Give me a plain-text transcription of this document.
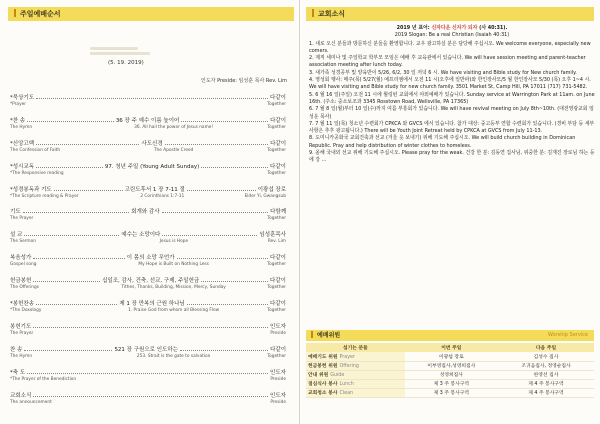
주일예배순서
(5. 19. 2019)
인도자 Preside: 임성훈 목사 Rev. Lim
*묵상기도	다같이
*Prayer	Together
*찬 송	36 장 주 예수 이름 높이어	다같이
The Hymn	36. All hail the power of Jesus name!	Together
*신앙고백	사도신경	다같이
The Confession of Faith	The Apostle Creed	Together
*성시교독	97. 청년 주일 (Young Adult Sunday)	다같이
*The Responsive reading	Together
*성경봉독과 기도	고린도후서 1 장 7-11 절	이광섭 장로
*The Scripture reading & Prayer	2 Corinthians 1:7-11	Elder Yi, Gwangsub
기도	회개와 감사	다함께
The Prayer	Together
설 교	예수는 소망이다	임성훈목사
The Sermon	Jesus is Hope	Rev. Lim
복음성가	이 몸의 소망 무언가	다같이
Gospel song	My Hope is Built on Nothing Less	Together
헌금봉헌	십일조, 감사, 건축, 선교, 구제, 주일헌금	다같이
The Offerings	Tithes, Thanks, Building, Mission, Mercy, Sunday	Together
*봉헌찬송	제 1 장 만복의 근원 하나님	다같이
*The Doxology	1. Praise God from whom all Blessing Flow	Together
봉헌기도	인도자
The Prayer	Preside
찬 송	521 장 구원으로 인도하는	다같이
The Hymn	253. Strait is the gate to salvation	Together
*축 도	인도자
*The Prayer of the Benediction	Preside
교회소식	인도자
The announcement	Preside
교회소식
2019 년 표어: 신자다운 신자가 되자 (사 40:31).
2019 Slogan: Be a real Christian (Isaiah 40:31)
1. 새로 오신 분들과 방문하신 분들을 환영합니다. 교우 광고하실 분은 담당해 주십시오. We welcome everyone, especially new comers.
2. 제직 세미나 및 주일학교 학부모 모임은 예배 후 교육관에서 있습니다. We will have session meeting and parent-teacher association meeting after lunch today.
3. 새가족 성경공부 및 양육반이 5/26, 6/2, 30 일 저녁 6 시. We have visiting and Bible study for New church family.
4. 영성회 행사: 매주(목) 5/27(월) 예프리엠에서 오전 11 시(오후에 일반파)와 한인장사모/5 월 한인장사모 5/30 (목) 오후 1~4 시. We will have visiting and Bible study for new church family. 3501 Market St, Camp Hill, PA 17011 (717) 731-5482.
5. 6 월 16 일(주일) 오전 11 시에 월링턴 교회에서 야외예배가 있습니다. Sunday service at Warrington Park at 11am. on June 16th. (주소: 중소보조과 3345 Rosstown Road, Wellsville, PA 17365)
6. 7 월 8 일(월)부터 10 일(수)까지 여름 부흥회가 있습니다. We will have revival meeting on July 8th~10th. (대전영광교회 임성운 목사)
7. 7 월 11 일(목) 청소년 수련회가 CPKCA 와 GVCS 에서 있습니다. 참가 대상: 중고등부 연합 수련회가 있습니다. (경비 부담 등 세부 사항은 추후 광고됩니다.) There will be Youth Joint Retreat held by CPKCA at GVCS from July 11-13.
8. 도미니카공화국 교회건축과 선교 (겨울 옷 보내기) 위해 기도해 주십시오. We will build church building in Dominican Republic. Pray and help distribution of winter clothes to homeless.
9. 올해 국내외 선교 위해 기도해 주십시오. Please pray for the weak. 건강 한 분: 김동연 집사님, 위중한 분: 김재진 장로님 하는 등에 강 ...
예배위원	Worship Service
섬기는 분들	이번 주일	다음 주일
예배기도 위원 Prayer	이광섭 장로	김성수 집사
헌금봉헌 위원 Offering	이부영집사,성영희집사	조귀음집사, 정영순집사
안내 위원 Guide	성영희집사	한영선 집사
점심식사 봉사 Lunch	제 3 주 봉사구역	제 4 주 봉사구역
교회청소 봉사 Clean	제 3 주 봉사구역	제 4 주 봉사구역
